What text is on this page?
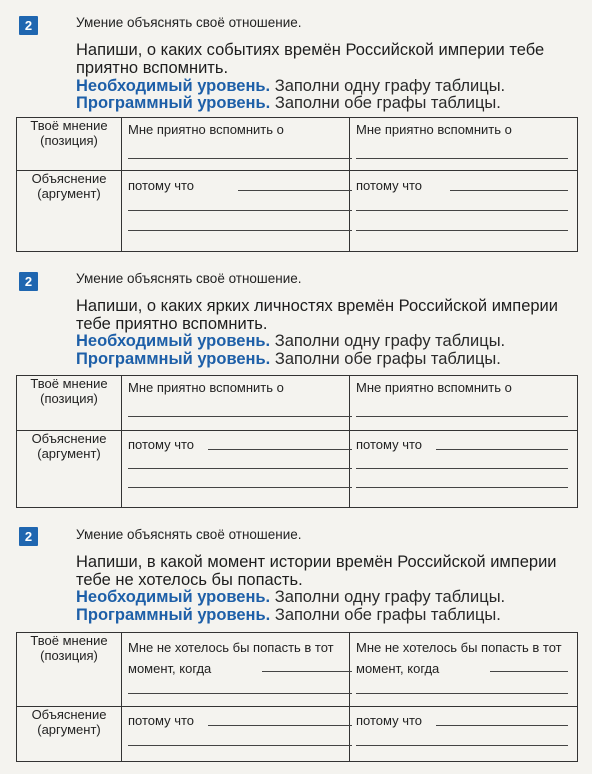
2	Умение объяснять своё отношение.
Напиши, о каких событиях времён Российской империи тебе приятно вспомнить.
Необходимый уровень. Заполни одну графу таблицы.
Программный уровень. Заполни обе графы таблицы.
Твоё мнение (позиция)	Мне приятно вспомнить о	Мне приятно вспомнить о

Объяснение (аргумент)	потому что	потому что
2	Умение объяснять своё отношение.
Напиши, о каких ярких личностях времён Российской империи тебе приятно вспомнить.
Необходимый уровень. Заполни одну графу таблицы.
Программный уровень. Заполни обе графы таблицы.
Твоё мнение (позиция)	Мне приятно вспомнить о	Мне приятно вспомнить о

Объяснение (аргумент)	потому что	потому что
2	Умение объяснять своё отношение.
Напиши, в какой момент истории времён Российской империи тебе не хотелось бы попасть.
Необходимый уровень. Заполни одну графу таблицы.
Программный уровень. Заполни обе графы таблицы.
Твоё мнение (позиция)	Мне не хотелось бы попасть в тот момент, когда	Мне не хотелось бы попасть в тот момент, когда

Объяснение (аргумент)	потому что	потому что
